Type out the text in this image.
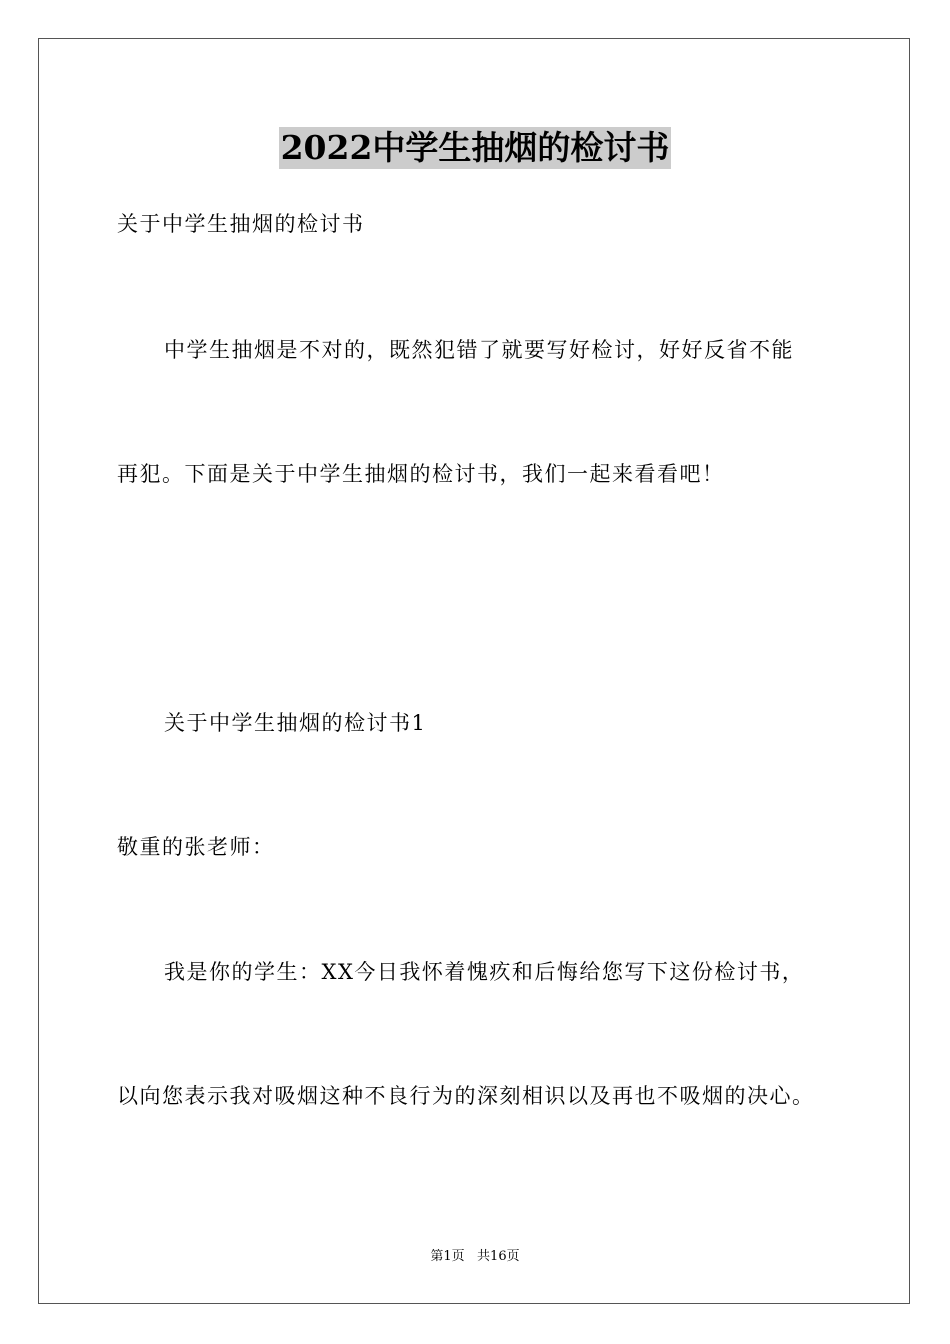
2022中学生抽烟的检讨书
关于中学生抽烟的检讨书
中学生抽烟是不对的，既然犯错了就要写好检讨，好好反省不能
再犯。下面是关于中学生抽烟的检讨书，我们一起来看看吧！
关于中学生抽烟的检讨书1
敬重的张老师：
我是你的学生：XX今日我怀着愧疚和后悔给您写下这份检讨书，
以向您表示我对吸烟这种不良行为的深刻相识以及再也不吸烟的决心。
第1页   共16页
